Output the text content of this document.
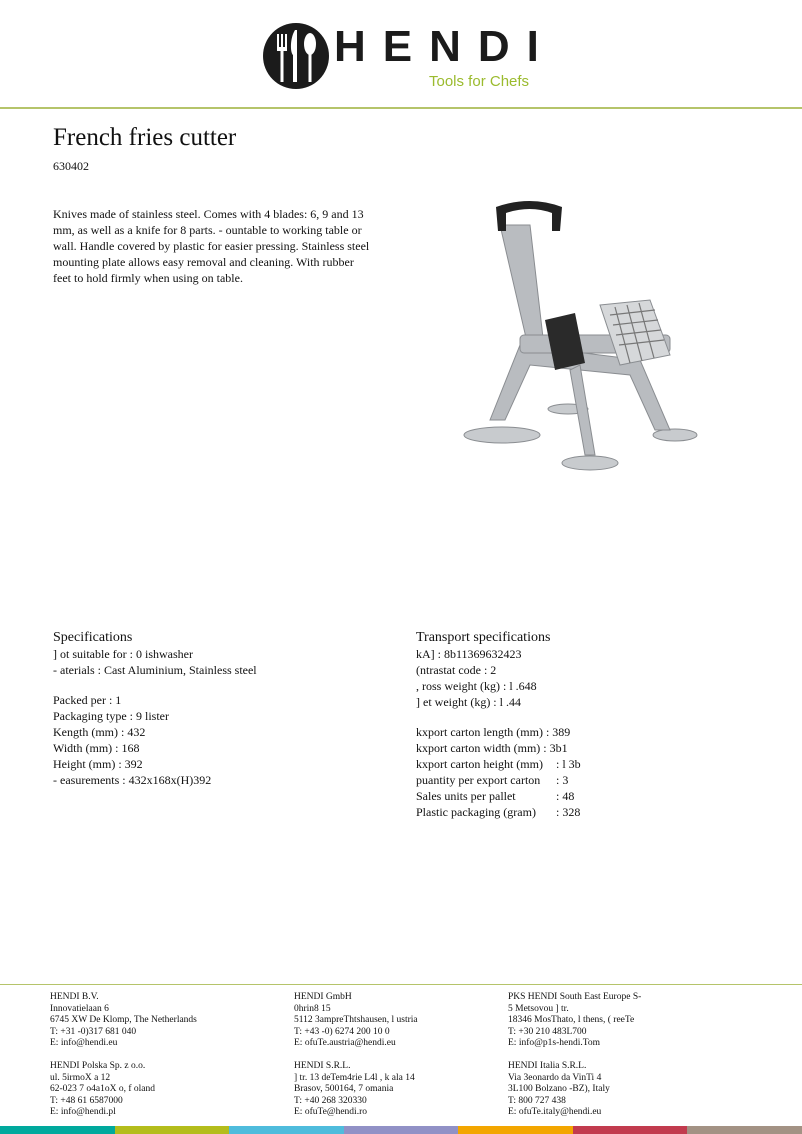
HENDI
Tools for Chefs
French fries cutter
630402
Knives made of stainless steel. Comes with 4 blades: 6, 9 and 13 mm, as well as a knife for 8 parts. - ountable to working table or wall. Handle covered by plastic for easier pressing. Stainless steel mounting plate allows easy removal and cleaning. With rubber feet to hold firmly when using on table.
Specifications
] ot suitable for : 0 ishwasher
- aterials : Cast Aluminium, Stainless steel
Packed per : 1
Packaging type : 9 lister
Kength (mm) : 432
Width (mm) : 168
Height (mm) : 392
- easurements : 432x168x(H)392
Transport specifications
kA] : 8b11369632423
(ntrastat code : 2
, ross weight (kg) : l .648
] et weight (kg) : l .44
kxport carton length (mm) : 389
kxport carton width (mm) : 3b1
kxport carton height (mm) : l 3b
puantity per export carton : 3
Sales units per pallet	: 48
Plastic packaging (gram) : 328
HENDI B.V.
Innovatielaan 6
6745 XW De Klomp, The Netherlands
T: +31 -0)317 681 040
E: info@hendi.eu
HENDI Polska Sp. z o.o.
ul. 5irmoX a 12
62-023 7 o4a1oX o, f oland
T: +48 61 6587000
E: info@hendi.pl
HENDI GmbH
0hrin8 15
5112 3ampreThtshausen, l ustria
T: +43 -0) 6274 200 10 0
E: ofuTe.austria@hendi.eu
HENDI S.R.L.
] tr. 13 deTem4rie L4l , k ala 14
Brasov, 500164, 7 omania
T: +40 268 320330
E: ofuTe@hendi.ro
PKS HENDI South East Europe S-
5 Metsovou ] tr.
18346 MosThato, l thens, ( reeTe
T: +30 210 483L700
E: info@p1s-hendi.Tom
HENDI Italia S.R.L.
Via 3eonardo da VinTi 4
3L100 Bolzano -BZ), Italy
T: 800 727 438
E: ofuTe.italy@hendi.eu
